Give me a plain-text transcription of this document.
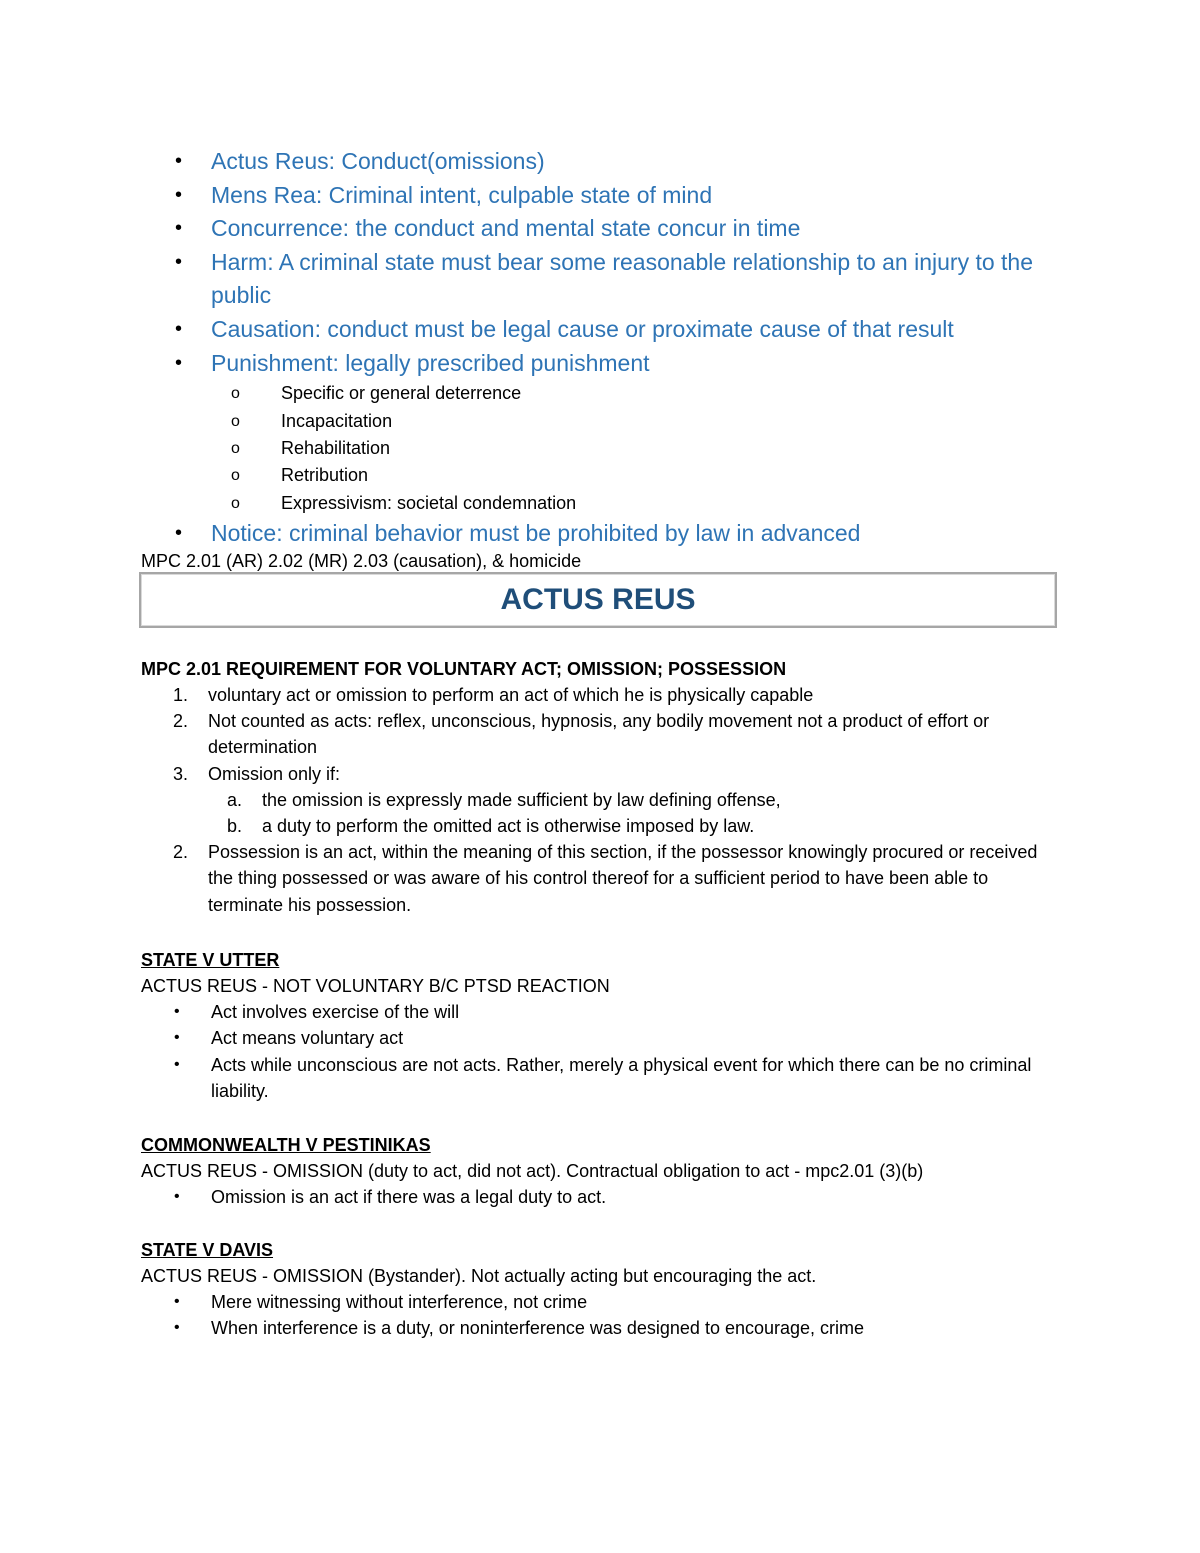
• Actus Reus: Conduct(omissions)
• Mens Rea: Criminal intent, culpable state of mind
• Concurrence: the conduct and mental state concur in time
• Harm: A criminal state must bear some reasonable relationship to an injury to the public
• Causation: conduct must be legal cause or proximate cause of that result
• Punishment: legally prescribed punishment
o Specific or general deterrence
o Incapacitation
o Rehabilitation
o Retribution
o Expressivism: societal condemnation
• Notice: criminal behavior must be prohibited by law in advanced
MPC 2.01 (AR) 2.02 (MR) 2.03 (causation), & homicide
ACTUS REUS
MPC 2.01 REQUIREMENT FOR VOLUNTARY ACT; OMISSION; POSSESSION
1. voluntary act or omission to perform an act of which he is physically capable
2. Not counted as acts: reflex, unconscious, hypnosis, any bodily movement not a product of effort or determination
3. Omission only if:
a. the omission is expressly made sufficient by law defining offense,
b. a duty to perform the omitted act is otherwise imposed by law.
2. Possession is an act, within the meaning of this section, if the possessor knowingly procured or received the thing possessed or was aware of his control thereof for a sufficient period to have been able to terminate his possession.
STATE V UTTER
ACTUS REUS - NOT VOLUNTARY B/C PTSD REACTION
• Act involves exercise of the will
• Act means voluntary act
• Acts while unconscious are not acts. Rather, merely a physical event for which there can be no criminal liability.
COMMONWEALTH V PESTINIKAS
ACTUS REUS - OMISSION (duty to act, did not act). Contractual obligation to act - mpc2.01 (3)(b)
• Omission is an act if there was a legal duty to act.
STATE V DAVIS
ACTUS REUS - OMISSION (Bystander). Not actually acting but encouraging the act.
• Mere witnessing without interference, not crime
• When interference is a duty, or noninterference was designed to encourage, crime
